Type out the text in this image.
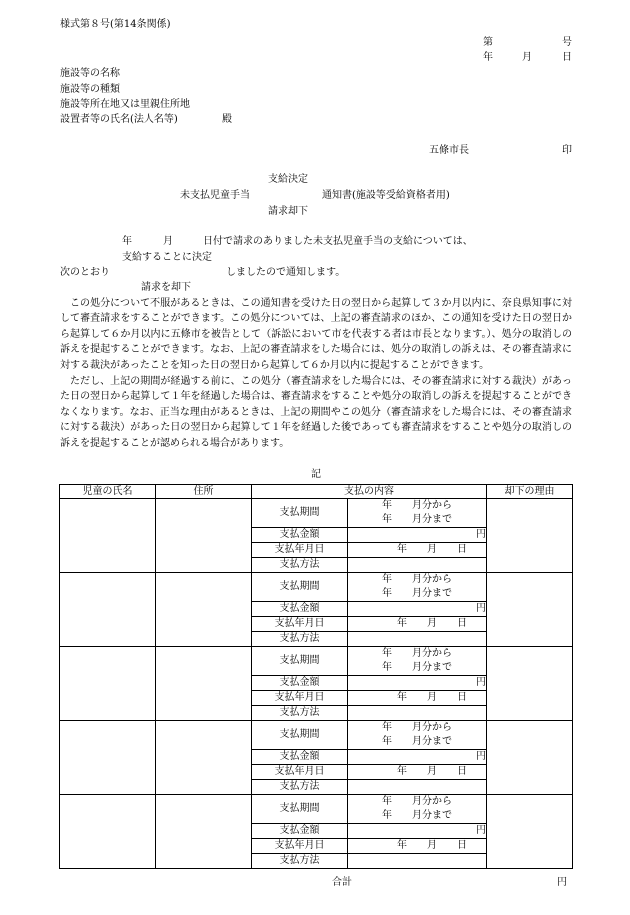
様式第８号(第14条関係)
第	号
年	月	日
施設等の名称
施設等の種類
施設等所在地又は里親住所地
設置者等の氏名(法人名等)	殿
五條市長	印
支給決定
未支払児童手当	通知書(施設等受給資格者用)
請求却下
年	月	日付で請求のありました未支払児童手当の支給については、
支給することに決定
次のとおり	しましたので通知します。
請求を却下
この処分について不服があるときは、この通知書を受けた日の翌日から起算して３か月以内に、奈良県知事に対して審査請求をすることができます。この処分については、上記の審査請求のほか、この通知を受けた日の翌日から起算して６か月以内に五條市を被告として（訴訟において市を代表する者は市長となります。）、処分の取消しの訴えを提起することができます。なお、上記の審査請求をした場合には、処分の取消しの訴えは、その審査請求に対する裁決があったことを知った日の翌日から起算して６か月以内に提起することができます。
ただし、上記の期間が経過する前に、この処分（審査請求をした場合には、その審査請求に対する裁決）があった日の翌日から起算して１年を経過した場合は、審査請求をすることや処分の取消しの訴えを提起することができなくなります。なお、正当な理由があるときは、上記の期間やこの処分（審査請求をした場合には、その審査請求に対する裁決）があった日の翌日から起算して１年を経過した後であっても審査請求をすることや処分の取消しの訴えを提起することが認められる場合があります。
記
児童の氏名	住所	支払の内容		却下の理由
		支払期間	年　　月分から
年　　月分まで	

		支払金額	円	
		支払年月日	年　　月　　日	
		支払方法		
		支払期間	年　　月分から
年　　月分まで	

		支払金額	円	
		支払年月日	年　　月　　日	
		支払方法		
		支払期間	年　　月分から
年　　月分まで	

		支払金額	円	
		支払年月日	年　　月　　日	
		支払方法		
		支払期間	年　　月分から
年　　月分まで	

		支払金額	円	
		支払年月日	年　　月　　日	
		支払方法		
		支払期間	年　　月分から
年　　月分まで	

		支払金額	円	
		支払年月日	年　　月　　日	
		支払方法		
合計	円
